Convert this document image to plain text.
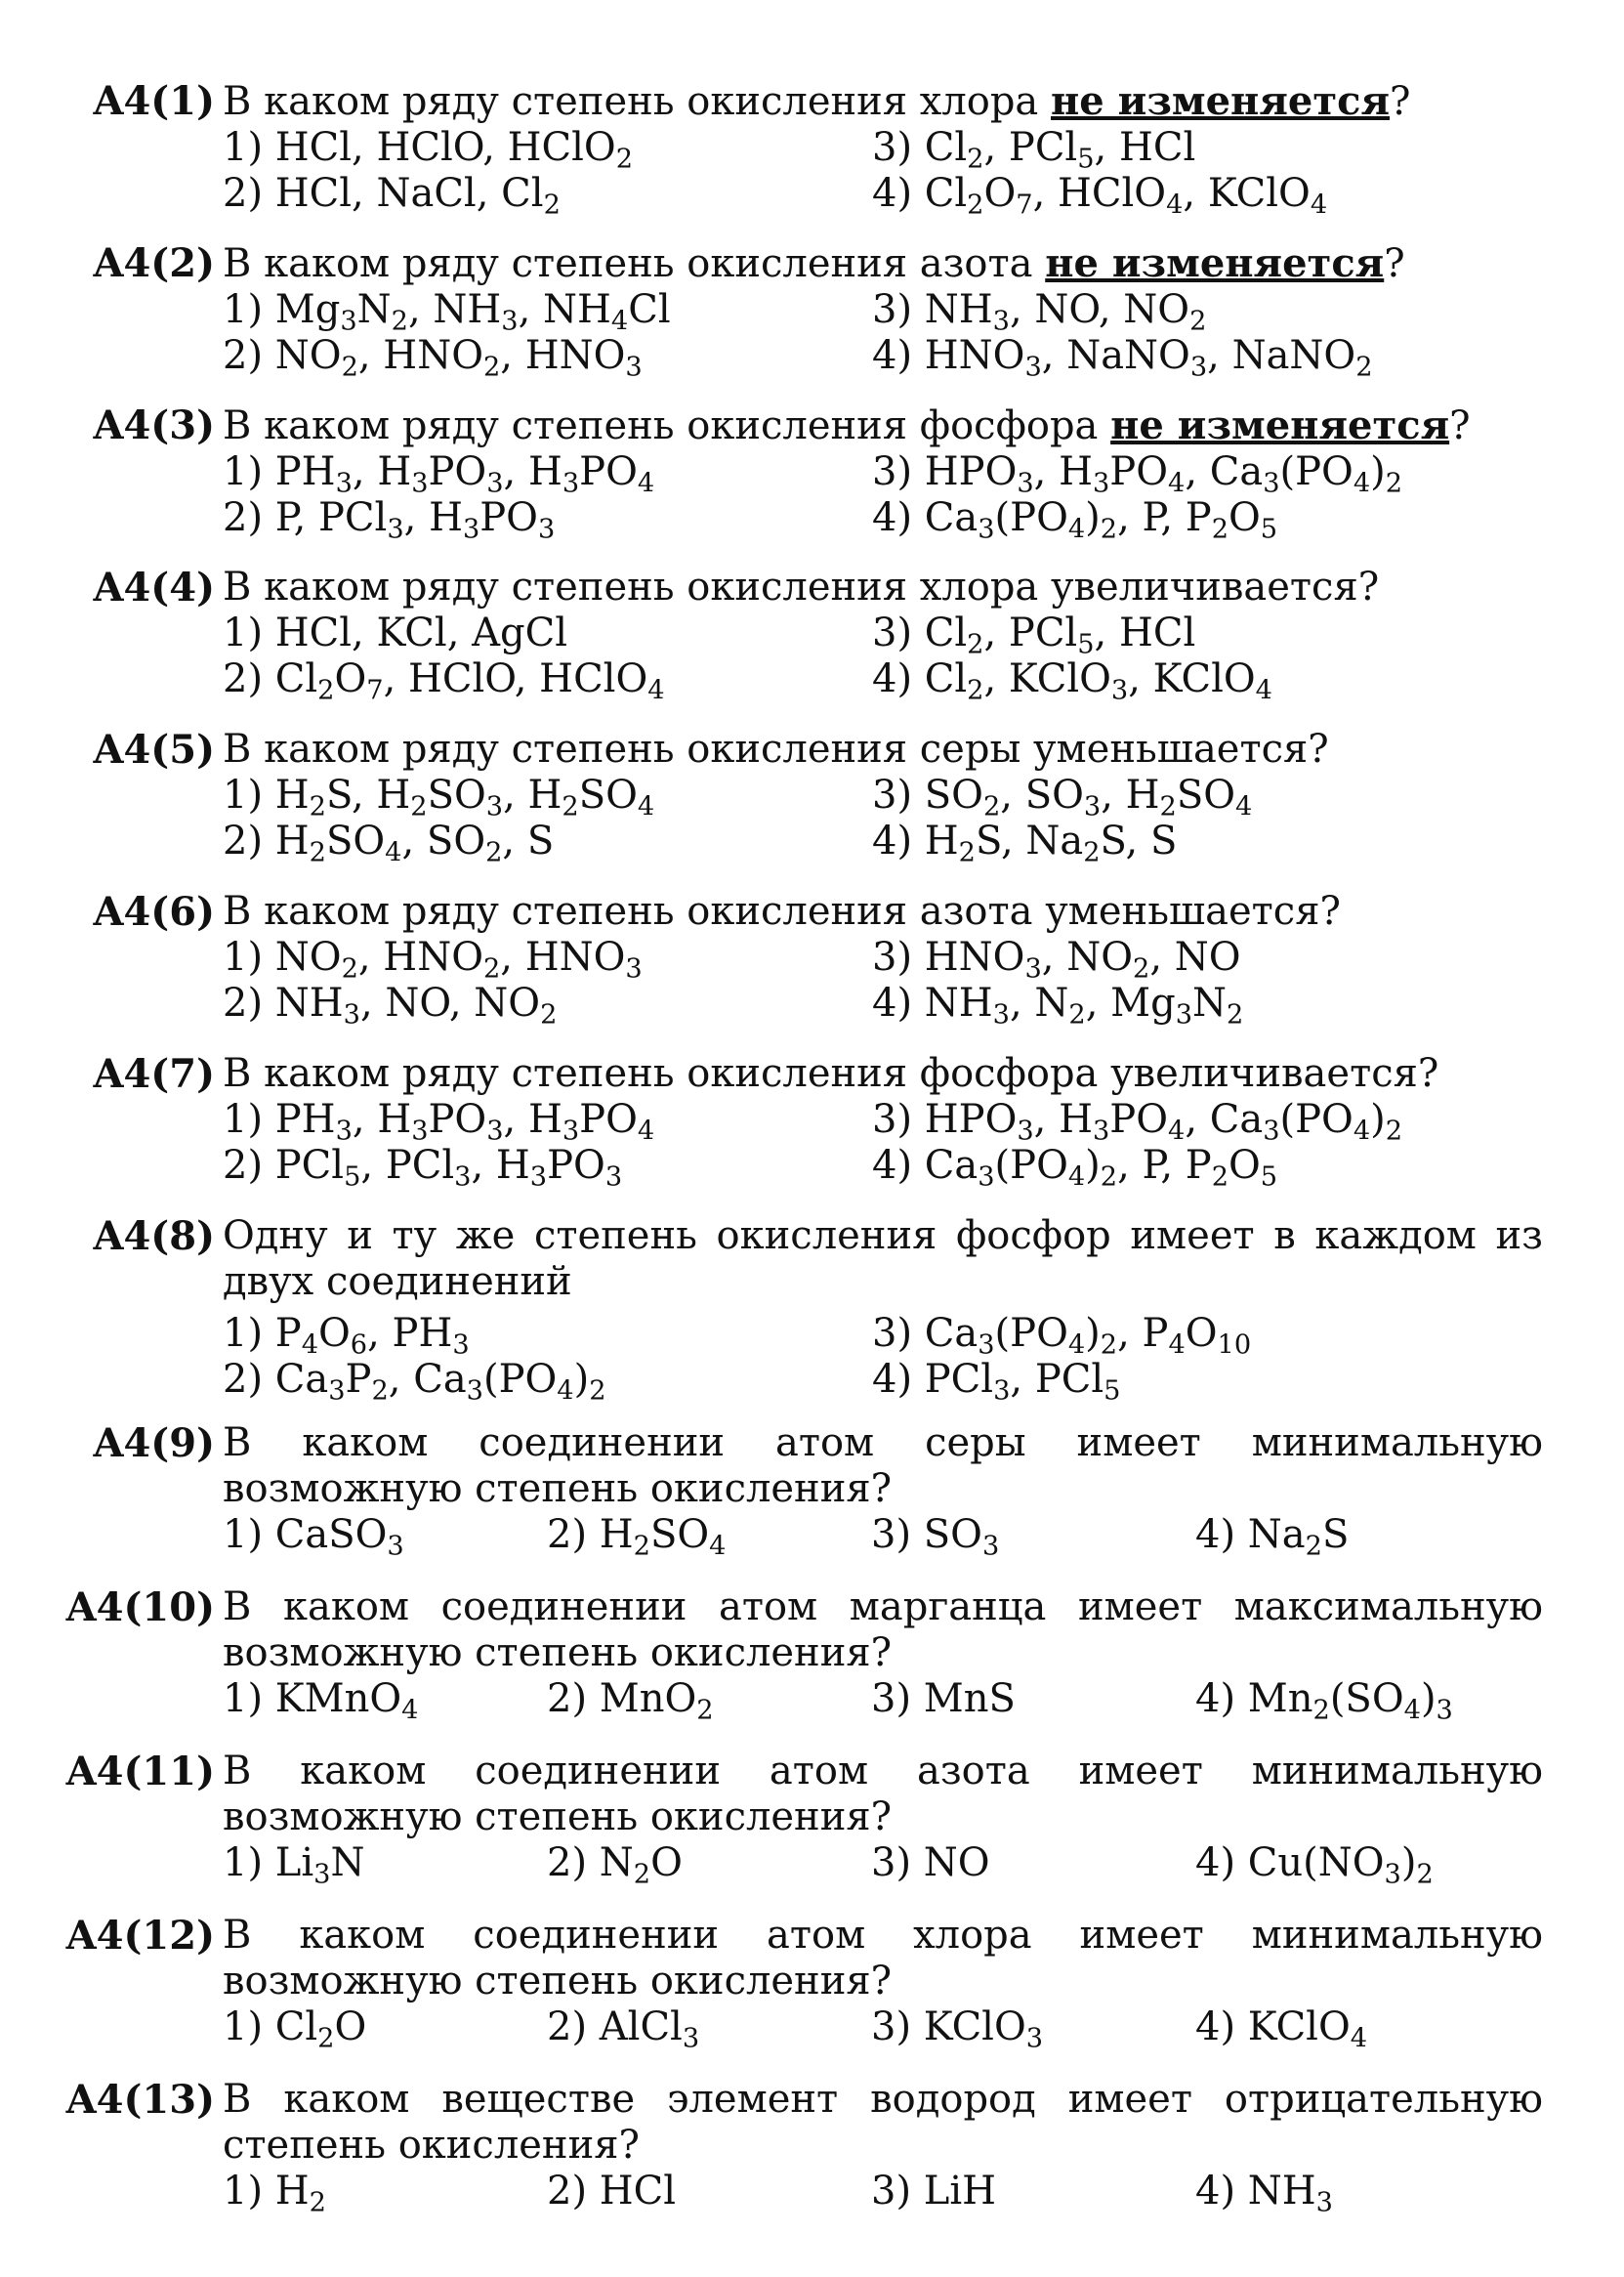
A4(1) В каком ряду степень окисления хлора не изменяется?
1) HCl, HClO, HClO$_2$	3) $Cl_2$, PCl$_5$, HCl
2) HCl, NaCl, $Cl_2$	4) $Cl_2O_7$, HClO$_4$, KClO$_4$
A4(2) В каком ряду степень окисления азота не изменяется?
1) $Mg_3N_2$, $NH_3$, $NH_4Cl$	3) $NH_3$, NO, $NO_2$
2) $NO_2$, $HNO_2$, $HNO_3$	4) $HNO_3$, NaNO$_3$, NaNO$_2$
A4(3) В каком ряду степень окисления фосфора не изменяется?
1) $PH_3$, $H_3PO_3$, $H_3PO_4$	3) $HPO_3$, $H_3PO_4$, $Ca_3(PO_4)_2$
2) P, PCl$_3$, $H_3PO_3$	4) $Ca_3(PO_4)_2$, P, $P_2O_5$
A4(4) В каком ряду степень окисления хлора увеличивается?
1) HCl, KCl, AgCl	3) $Cl_2$, PCl$_5$, HCl
2) $Cl_2O_7$, HClO, HClO$_4$	4) $Cl_2$, KClO$_3$, KClO$_4$
A4(5) В каком ряду степень окисления серы уменьшается?
1) $H_2S$, $H_2SO_3$, $H_2SO_4$	3) $SO_2$, $SO_3$, $H_2SO_4$
2) $H_2SO_4$, $SO_2$, S	4) $H_2S$, $Na_2S$, S
A4(6) В каком ряду степень окисления азота уменьшается?
1) $NO_2$, $HNO_2$, $HNO_3$	3) $HNO_3$, $NO_2$, NO
2) $NH_3$, NO, $NO_2$	4) $NH_3$, $N_2$, $Mg_3N_2$
A4(7) В каком ряду степень окисления фосфора увеличивается?
1) $PH_3$, $H_3PO_3$, $H_3PO_4$	3) $HPO_3$, $H_3PO_4$, $Ca_3(PO_4)_2$
2) PCl$_5$, PCl$_3$, $H_3PO_3$	4) $Ca_3(PO_4)_2$, P, $P_2O_5$
A4(8) Одну и ту же степень окисления фосфор имеет в каждом из двух соединений
1) $P_4O_6$, $PH_3$	3) $Ca_3(PO_4)_2$, $P_4O_{10}$
2) $Ca_3P_2$, $Ca_3(PO_4)_2$	4) PCl$_3$, PCl$_5$
A4(9) В каком соединении атом серы имеет минимальную возможную степень окисления?
1) CaSO$_3$	2) $H_2SO_4$	3) $SO_3$	4) $Na_2S$
A4(10) В каком соединении атом марганца имеет максимальную возможную степень окисления?
1) KMnO$_4$	2) MnO$_2$	3) MnS	4) $Mn_2(SO_4)_3$
A4(11) В каком соединении атом азота имеет минимальную возможную степень окисления?
1) $Li_3N$	2) $N_2O$	3) NO	4) $Cu(NO_3)_2$
A4(12) В каком соединении атом хлора имеет минимальную возможную степень окисления?
1) $Cl_2O$	2) AlCl$_3$	3) KClO$_3$	4) KClO$_4$
A4(13) В каком веществе элемент водород имеет отрицательную степень окисления?
1) $H_2$	2) HCl	3) LiH	4) $NH_3$
